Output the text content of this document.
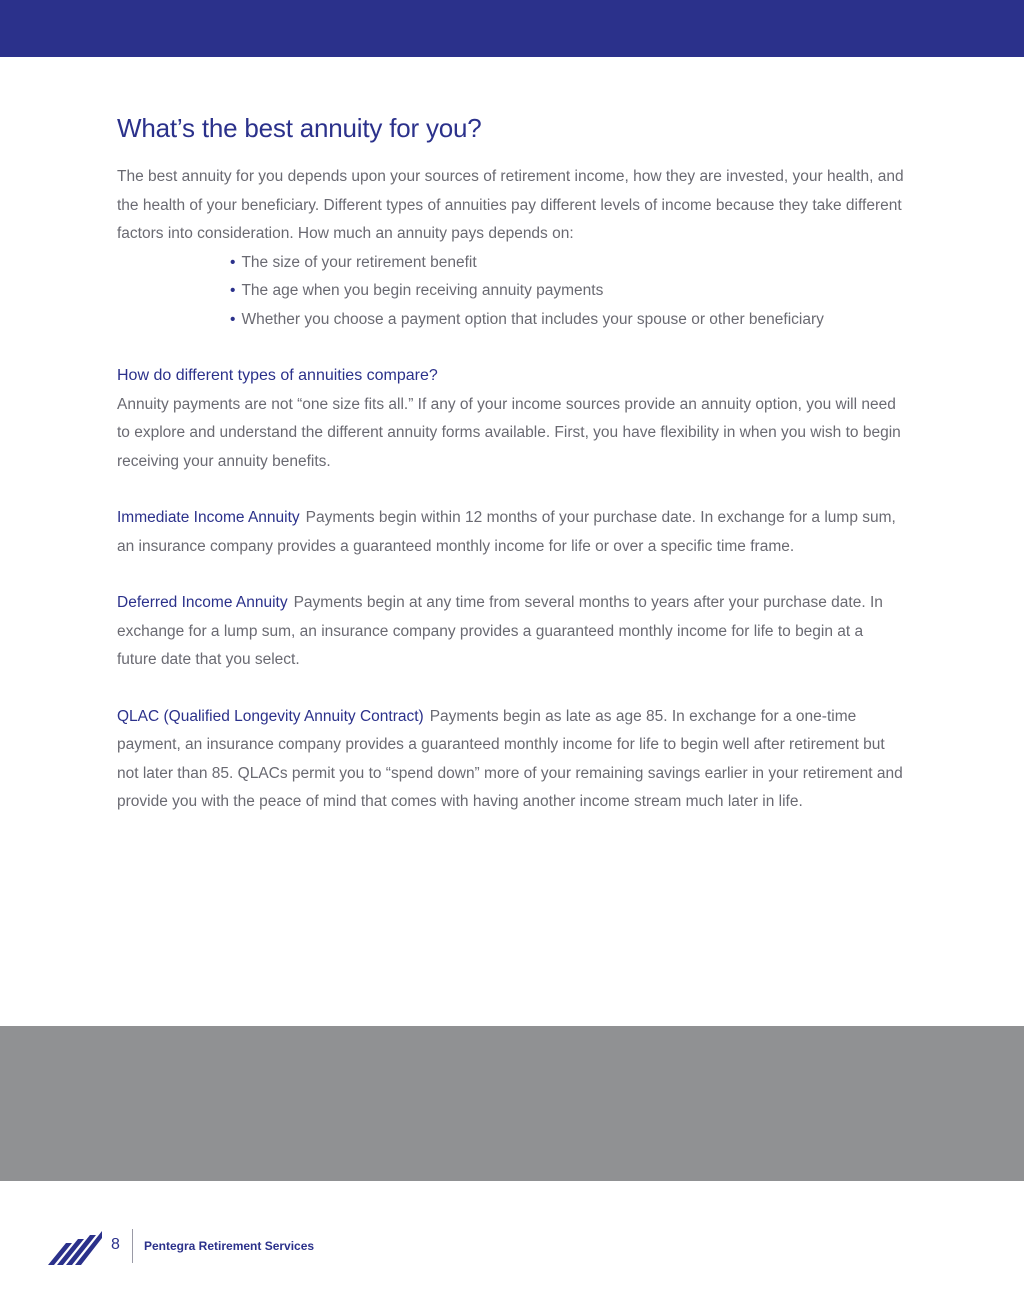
What’s the best annuity for you?

The best annuity for you depends upon your sources of retirement income, how they are invested, your health, and the health of your beneficiary. Different types of annuities pay different levels of income because they take different factors into consideration. How much an annuity pays depends on:

• The size of your retirement benefit
• The age when you begin receiving annuity payments
• Whether you choose a payment option that includes your spouse or other beneficiary
How do different types of annuities compare?

Annuity payments are not “one size fits all.” If any of your income sources provide an annuity option, you will need to explore and understand the different annuity forms available. First, you have flexibility in when you wish to begin receiving your annuity benefits.

Immediate Income Annuity Payments begin within 12 months of your purchase date. In exchange for a lump sum, an insurance company provides a guaranteed monthly income for life or over a specific time frame.

Deferred Income Annuity Payments begin at any time from several months to years after your purchase date. In exchange for a lump sum, an insurance company provides a guaranteed monthly income for life to begin at a future date that you select.

QLAC (Qualified Longevity Annuity Contract) Payments begin as late as age 85. In exchange for a one-time payment, an insurance company provides a guaranteed monthly income for life to begin well after retirement but not later than 85. QLACs permit you to “spend down” more of your remaining savings earlier in your retirement and provide you with the peace of mind that comes with having another income stream much later in life.

8 Pentegra Retirement Services
